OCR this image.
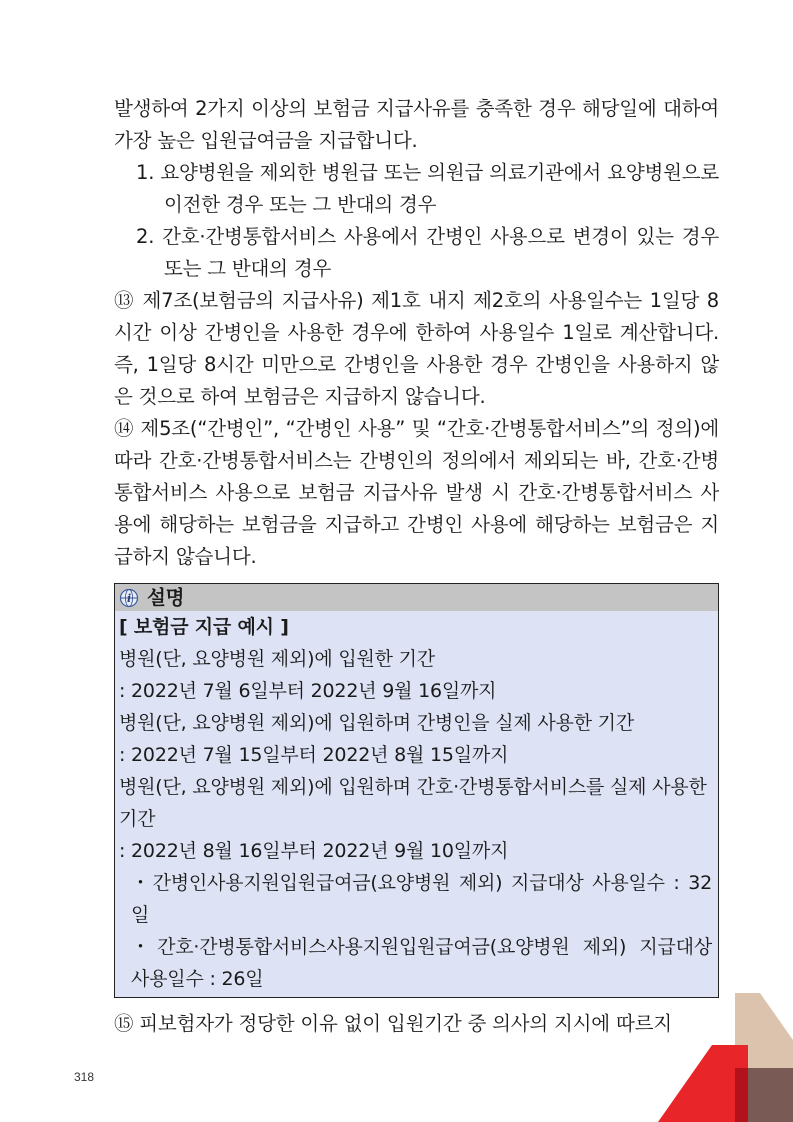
발생하여 2가지 이상의 보험금 지급사유를 충족한 경우 해당일에 대하여 가장 높은 입원급여금을 지급합니다.
1. 요양병원을 제외한 병원급 또는 의원급 의료기관에서 요양병원으로 이전한 경우 또는 그 반대의 경우
2. 간호·간병통합서비스 사용에서 간병인 사용으로 변경이 있는 경우 또는 그 반대의 경우
⑬ 제7조(보험금의 지급사유) 제1호 내지 제2호의 사용일수는 1일당 8시간 이상 간병인을 사용한 경우에 한하여 사용일수 1일로 계산합니다. 즉, 1일당 8시간 미만으로 간병인을 사용한 경우 간병인을 사용하지 않은 것으로 하여 보험금은 지급하지 않습니다.
⑭ 제5조(“간병인”, “간병인 사용” 및 “간호·간병통합서비스”의 정의)에 따라 간호·간병통합서비스는 간병인의 정의에서 제외되는 바, 간호·간병통합서비스 사용으로 보험금 지급사유 발생 시 간호·간병통합서비스 사용에 해당하는 보험금을 지급하고 간병인 사용에 해당하는 보험금은 지급하지 않습니다.
i 설명
[ 보험금 지급 예시 ]
병원(단, 요양병원 제외)에 입원한 기간
: 2022년 7월 6일부터 2022년 9월 16일까지
병원(단, 요양병원 제외)에 입원하며 간병인을 실제 사용한 기간
: 2022년 7월 15일부터 2022년 8월 15일까지
병원(단, 요양병원 제외)에 입원하며 간호·간병통합서비스를 실제 사용한 기간
: 2022년 8월 16일부터 2022년 9월 10일까지
・간병인사용지원입원급여금(요양병원 제외) 지급대상 사용일수 : 32일
・간호·간병통합서비스사용지원입원급여금(요양병원 제외) 지급대상 사용일수 : 26일
⑮ 피보험자가 정당한 이유 없이 입원기간 중 의사의 지시에 따르지
318
